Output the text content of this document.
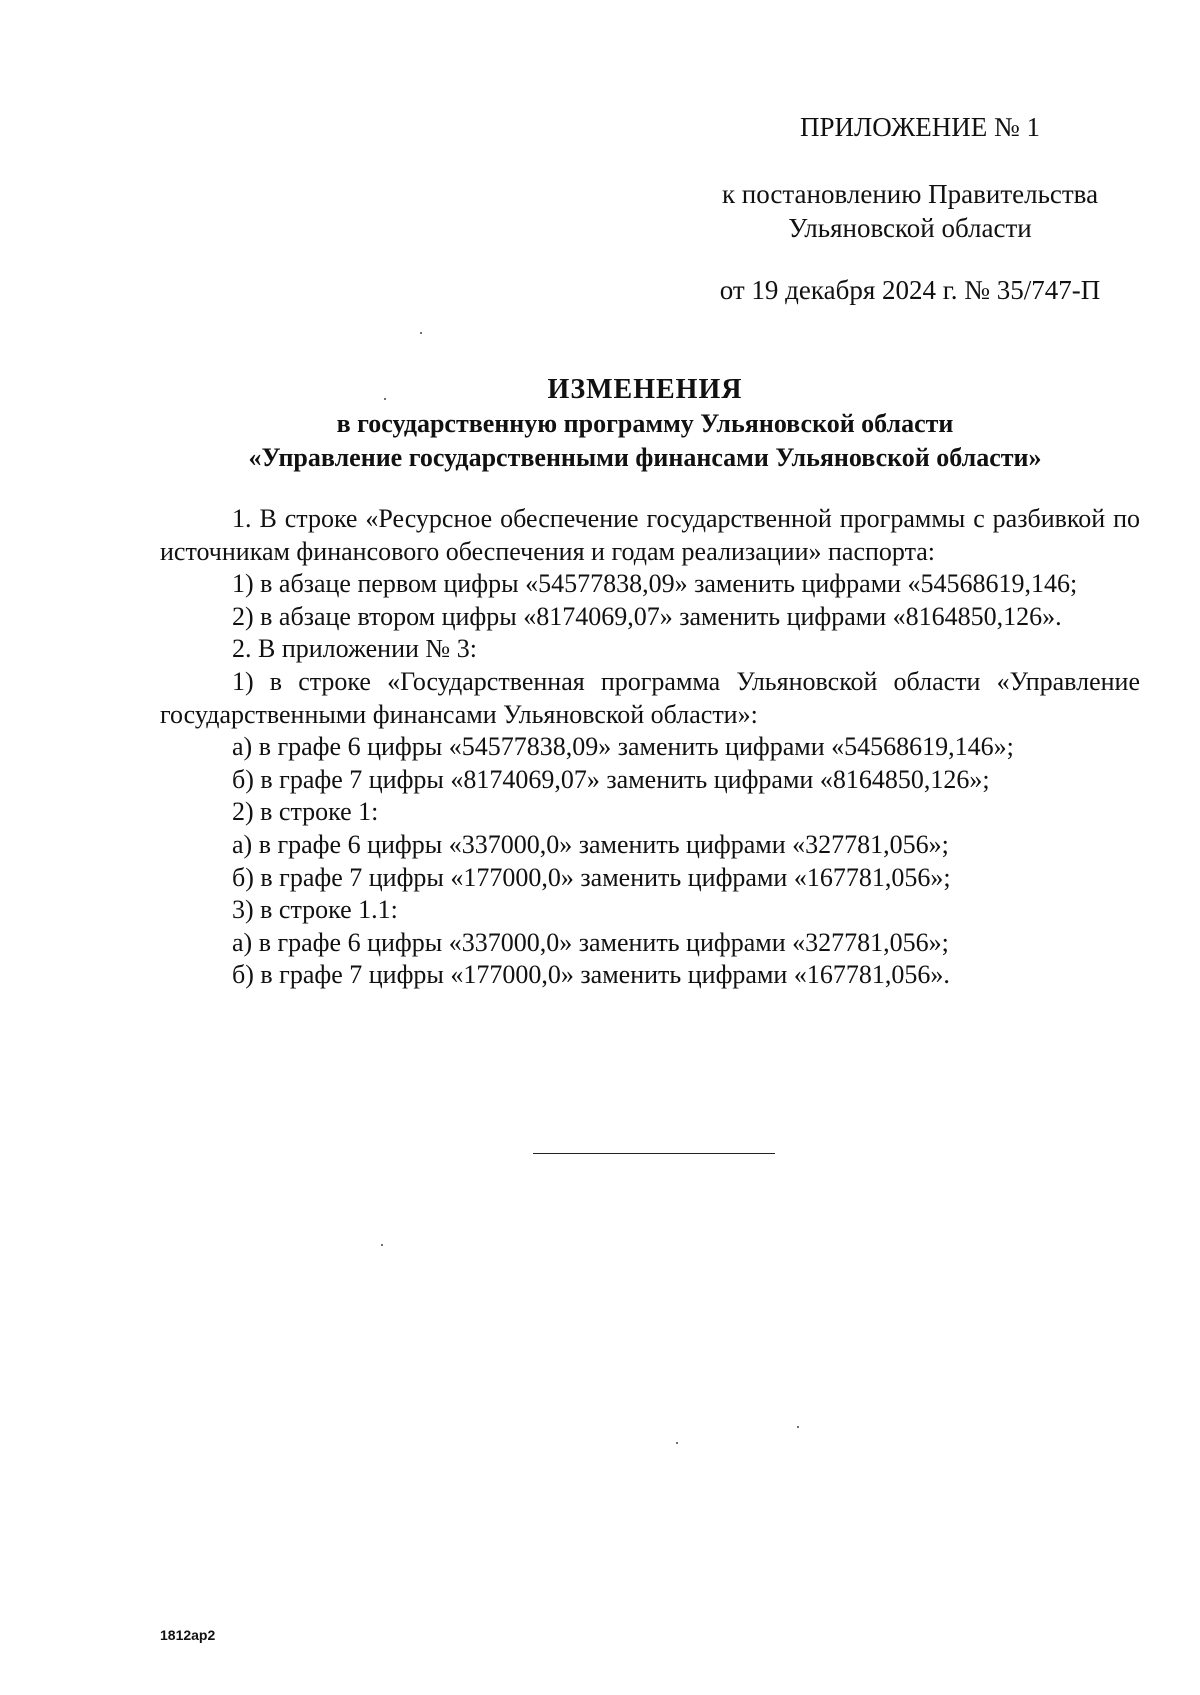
ПРИЛОЖЕНИЕ № 1
к постановлению Правительства
Ульяновской области
от 19 декабря 2024 г. № 35/747-П
ИЗМЕНЕНИЯ
в государственную программу Ульяновской области
«Управление государственными финансами Ульяновской области»

1. В строке «Ресурсное обеспечение государственной программы с разбивкой по источникам финансового обеспечения и годам реализации» паспорта:

1) в абзаце первом цифры «54577838,09» заменить цифрами «54568619,146;

2) в абзаце втором цифры «8174069,07» заменить цифрами «8164850,126».

2. В приложении № 3:

1) в строке «Государственная программа Ульяновской области «Управление государственными финансами Ульяновской области»:

а) в графе 6 цифры «54577838,09» заменить цифрами «54568619,146»;

б) в графе 7 цифры «8174069,07» заменить цифрами «8164850,126»;

2) в строке 1:

а) в графе 6 цифры «337000,0» заменить цифрами «327781,056»;

б) в графе 7 цифры «177000,0» заменить цифрами «167781,056»;

3) в строке 1.1:

а) в графе 6 цифры «337000,0» заменить цифрами «327781,056»;

б) в графе 7 цифры «177000,0» заменить цифрами «167781,056».

1812ap2
